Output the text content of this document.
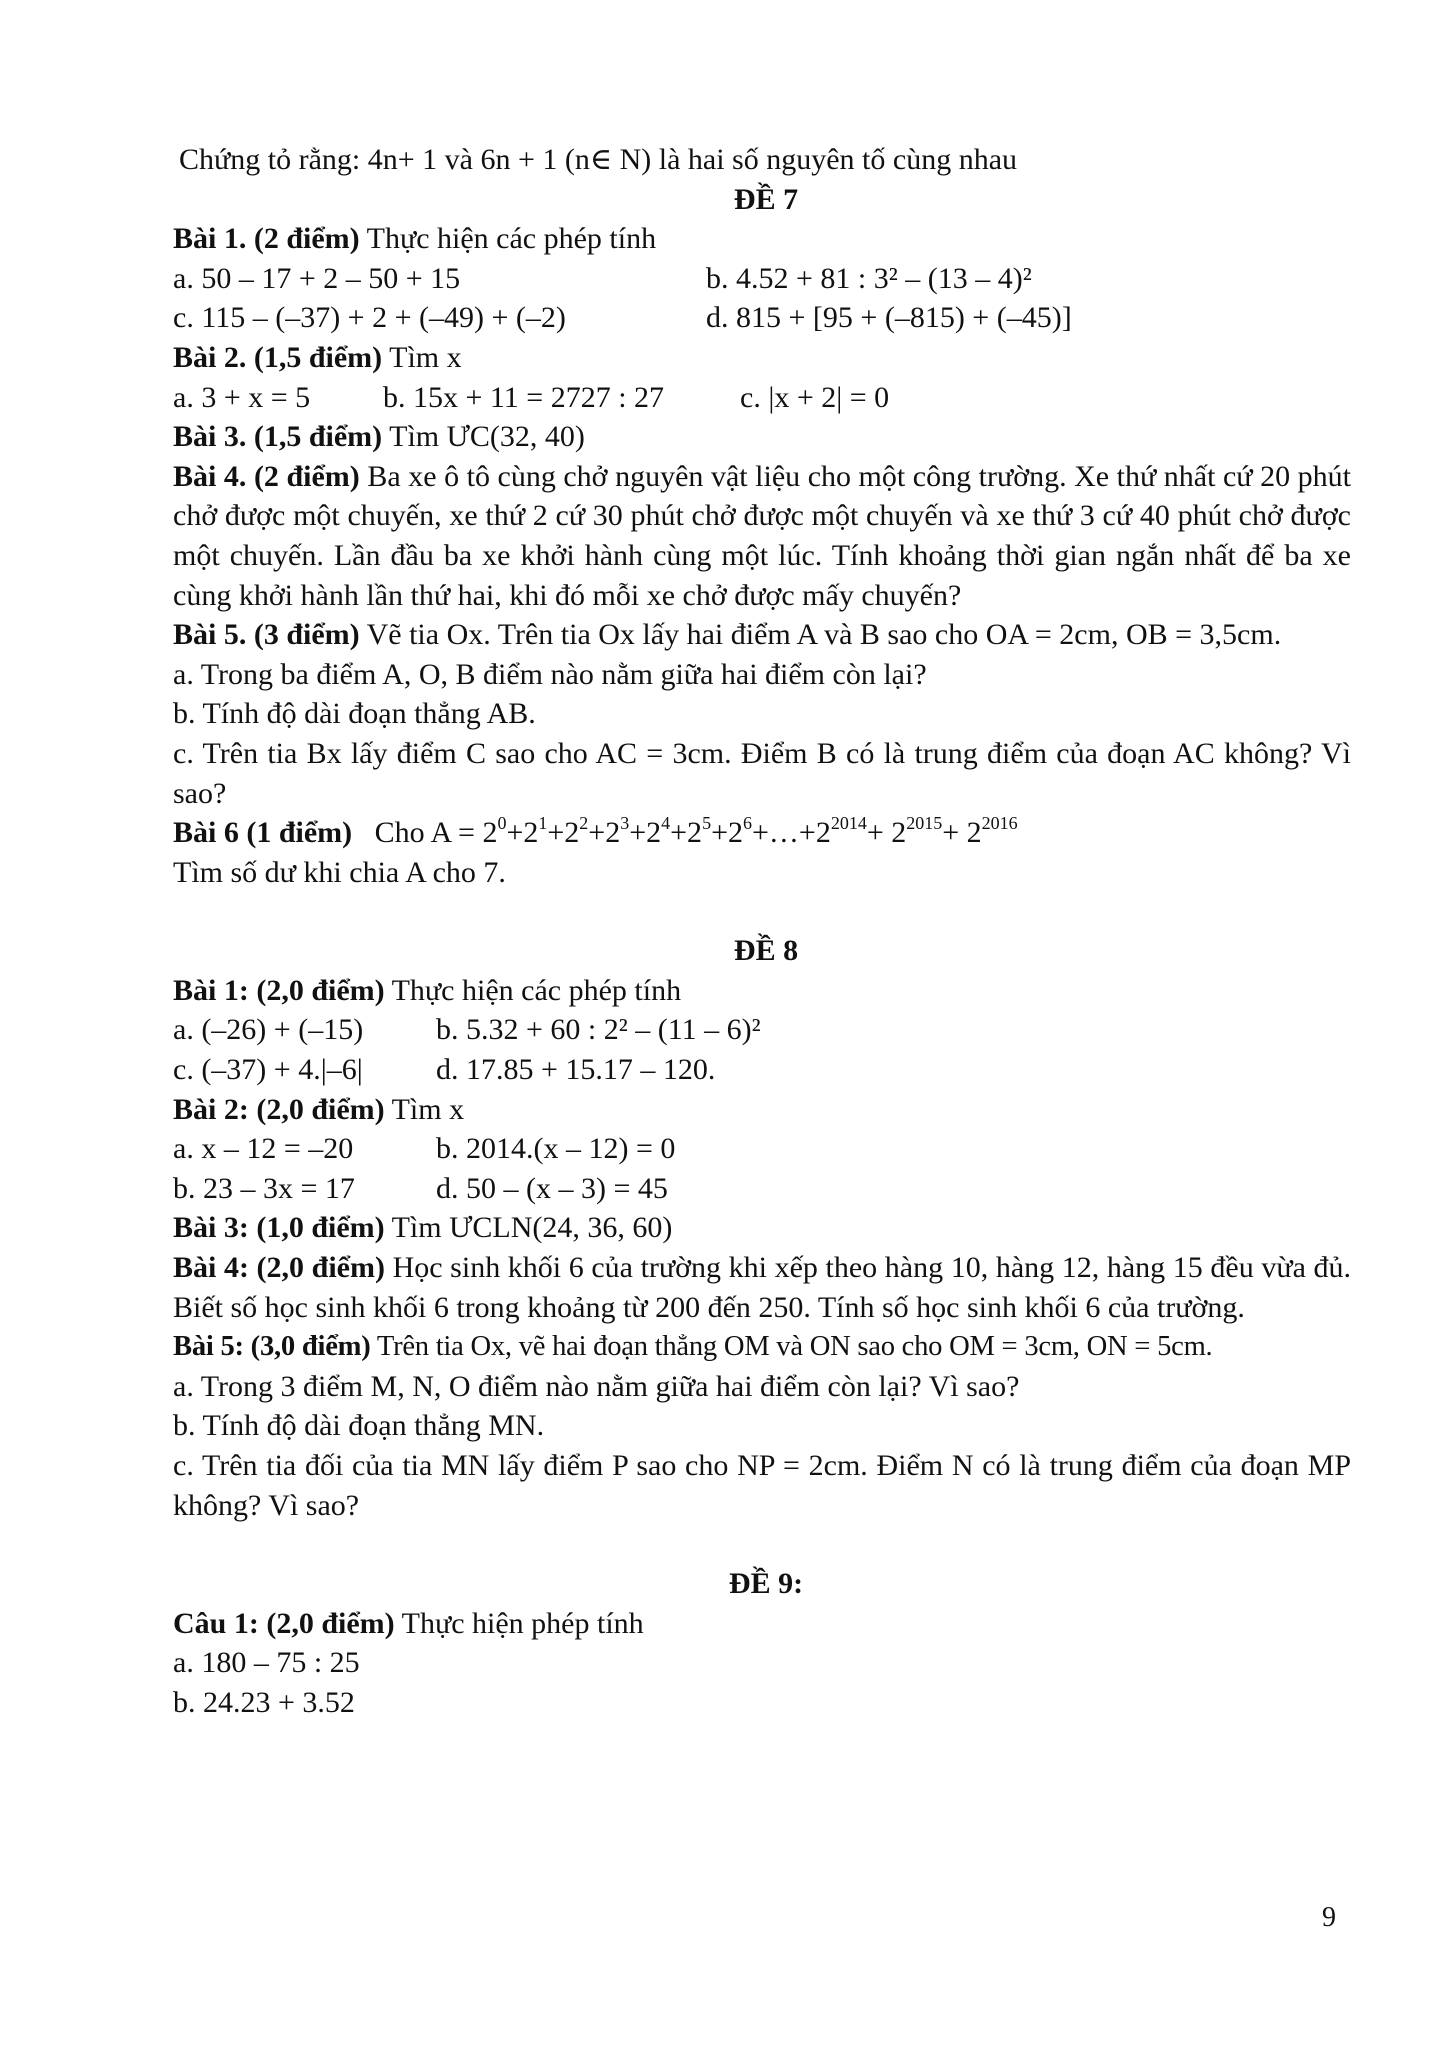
Chứng tỏ rằng: 4n+ 1 và 6n + 1 (n∈ N) là hai số nguyên tố cùng nhau
ĐỀ 7
Bài 1. (2 điểm) Thực hiện các phép tính
a. 50 – 17 + 2 – 50 + 15	b. 4.52 + 81 : 3² – (13 – 4)²
c. 115 – (–37) + 2 + (–49) + (–2)	d. 815 + [95 + (–815) + (–45)]
Bài 2. (1,5 điểm) Tìm x
a. 3 + x = 5 b. 15x + 11 = 2727 : 27	c. |x + 2| = 0
Bài 3. (1,5 điểm) Tìm ƯC(32, 40)
Bài 4. (2 điểm) Ba xe ô tô cùng chở nguyên vật liệu cho một công trường. Xe thứ nhất cứ 20 phút chở được một chuyến, xe thứ 2 cứ 30 phút chở được một chuyến và xe thứ 3 cứ 40 phút chở được một chuyến. Lần đầu ba xe khởi hành cùng một lúc. Tính khoảng thời gian ngắn nhất để ba xe cùng khởi hành lần thứ hai, khi đó mỗi xe chở được mấy chuyến?
Bài 5. (3 điểm) Vẽ tia Ox. Trên tia Ox lấy hai điểm A và B sao cho OA = 2cm, OB = 3,5cm.
a. Trong ba điểm A, O, B điểm nào nằm giữa hai điểm còn lại?
b. Tính độ dài đoạn thẳng AB.
c. Trên tia Bx lấy điểm C sao cho AC = 3cm. Điểm B có là trung điểm của đoạn AC không? Vì sao?
Bài 6 (1 điểm)   Cho $A = 2^0+2^1+2^2+2^3+2^4+2^5+2^6+\dots+2^{2014}+ 2^{2015}+ 2^{2016}$
Tìm số dư khi chia A cho 7.
ĐỀ 8
Bài 1: (2,0 điểm) Thực hiện các phép tính
a. (–26) + (–15) b. 5.32 + 60 : 2² – (11 – 6)²
c. (–37) + 4.|–6| d. 17.85 + 15.17 – 120.
Bài 2: (2,0 điểm) Tìm x
a. x – 12 = –20	b. 2014.(x – 12) = 0
b. 23 – 3x = 17	d. 50 – (x – 3) = 45
Bài 3: (1,0 điểm) Tìm ƯCLN(24, 36, 60)
Bài 4: (2,0 điểm) Học sinh khối 6 của trường khi xếp theo hàng 10, hàng 12, hàng 15 đều vừa đủ. Biết số học sinh khối 6 trong khoảng từ 200 đến 250. Tính số học sinh khối 6 của trường.
Bài 5: (3,0 điểm) Trên tia Ox, vẽ hai đoạn thẳng OM và ON sao cho OM = 3cm, ON = 5cm.
a. Trong 3 điểm M, N, O điểm nào nằm giữa hai điểm còn lại? Vì sao?
b. Tính độ dài đoạn thẳng MN.
c. Trên tia đối của tia MN lấy điểm P sao cho NP = 2cm. Điểm N có là trung điểm của đoạn MP không? Vì sao?
ĐỀ 9:
Câu 1: (2,0 điểm) Thực hiện phép tính
a. 180 – 75 : 25
b. 24.23 + 3.52
9
